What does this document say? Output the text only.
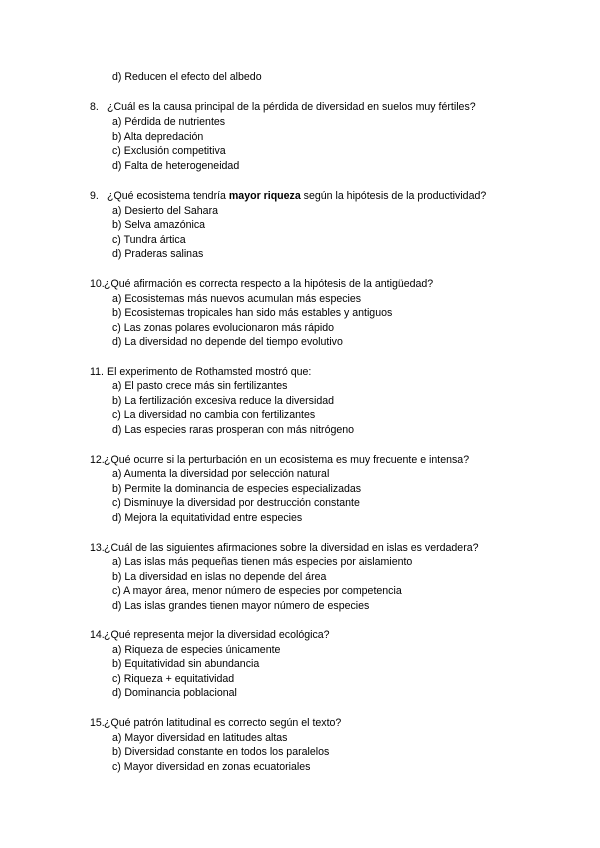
d) Reducen el efecto del albedo
8. ¿Cuál es la causa principal de la pérdida de diversidad en suelos muy fértiles?
a) Pérdida de nutrientes
b) Alta depredación
c) Exclusión competitiva
d) Falta de heterogeneidad
9. ¿Qué ecosistema tendría mayor riqueza según la hipótesis de la productividad?
a) Desierto del Sahara
b) Selva amazónica
c) Tundra ártica
d) Praderas salinas
10. ¿Qué afirmación es correcta respecto a la hipótesis de la antigüedad?
a) Ecosistemas más nuevos acumulan más especies
b) Ecosistemas tropicales han sido más estables y antiguos
c) Las zonas polares evolucionaron más rápido
d) La diversidad no depende del tiempo evolutivo
11. El experimento de Rothamsted mostró que:
a) El pasto crece más sin fertilizantes
b) La fertilización excesiva reduce la diversidad
c) La diversidad no cambia con fertilizantes
d) Las especies raras prosperan con más nitrógeno
12. ¿Qué ocurre si la perturbación en un ecosistema es muy frecuente e intensa?
a) Aumenta la diversidad por selección natural
b) Permite la dominancia de especies especializadas
c) Disminuye la diversidad por destrucción constante
d) Mejora la equitatividad entre especies
13. ¿Cuál de las siguientes afirmaciones sobre la diversidad en islas es verdadera?
a) Las islas más pequeñas tienen más especies por aislamiento
b) La diversidad en islas no depende del área
c) A mayor área, menor número de especies por competencia
d) Las islas grandes tienen mayor número de especies
14. ¿Qué representa mejor la diversidad ecológica?
a) Riqueza de especies únicamente
b) Equitatividad sin abundancia
c) Riqueza + equitatividad
d) Dominancia poblacional
15. ¿Qué patrón latitudinal es correcto según el texto?
a) Mayor diversidad en latitudes altas
b) Diversidad constante en todos los paralelos
c) Mayor diversidad en zonas ecuatoriales
